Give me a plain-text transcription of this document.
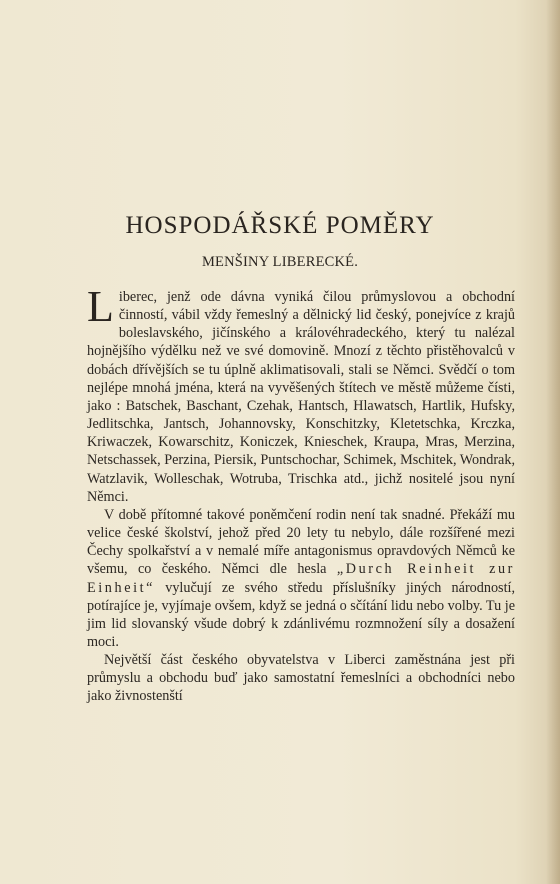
HOSPODÁŘSKÉ POMĚRY
MENŠINY LIBERECKÉ.

Liberec, jenž ode dávna vyniká čilou průmyslovou a obchodní činností, vábil vždy řemeslný a dělnický lid český, ponejvíce z krajů boleslavského, jičínského a královéhradeckého, který tu nalézal hojnějšího výdělku než ve své domovině. Mnozí z těchto přistěhovalců v dobách dřívějších se tu úplně aklimatisovali, stali se Němci. Svědčí o tom nejlépe mnohá jména, která na vyvěšených štítech ve městě můžeme čísti, jako : Batschek, Baschant, Czehak, Hantsch, Hlawatsch, Hartlik, Hufsky, Jedlitschka, Jantsch, Johannovsky, Konschitzky, Kletetschka, Krczka, Kriwaczek, Kowarschitz, Koniczek, Knieschek, Kraupa, Mras, Merzina, Netschassek, Perzina, Piersik, Puntschochar, Schimek, Mschitek, Wondrak, Watzlavik, Wolleschak, Wotruba, Trischka atd., jichž nositelé jsou nyní Němci.

V době přítomné takové poněmčení rodin není tak snadné. Překáží mu velice české školství, jehož před 20 lety tu nebylo, dále rozšířené mezi Čechy spolkařství a v nemalé míře antagonismus opravdových Němců ke všemu, co českého. Němci dle hesla „Durch Reinheit zur Einheit“ vylučují ze svého středu příslušníky jiných národností, potírajíce je, vyjímaje ovšem, když se jedná o sčítání lidu nebo volby. Tu je jim lid slovanský všude dobrý k zdánlivému rozmnožení síly a dosažení moci.

Největší část českého obyvatelstva v Liberci zaměstnána jest při průmyslu a obchodu buď jako samostatní řemeslníci a obchodníci nebo jako živnostenští
